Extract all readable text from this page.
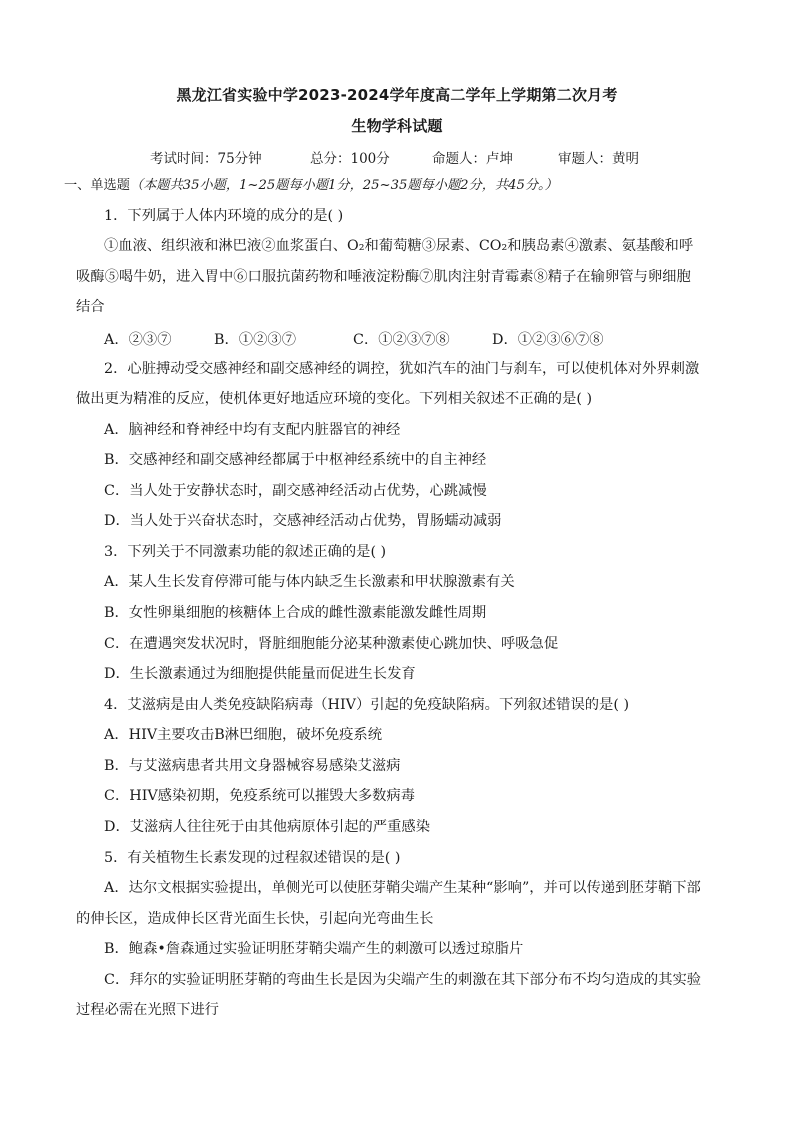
黑龙江省实验中学2023-2024学年度高二学年上学期第二次月考
生物学科试题
考试时间：75分钟	总分：100分	命题人：卢坤	审题人：黄明
一、单选题（本题共35小题，1~25题每小题1分，25~35题每小题2分，共45分。）
1．下列属于人体内环境的成分的是( )
①血液、组织液和淋巴液②血浆蛋白、O₂和葡萄糖③尿素、CO₂和胰岛素④激素、氨基酸和呼
吸酶⑤喝牛奶，进入胃中⑥口服抗菌药物和唾液淀粉酶⑦肌肉注射青霉素⑧精子在输卵管与卵细胞
结合
A．②③⑦	B．①②③⑦	C．①②③⑦⑧	D．①②③⑥⑦⑧
2．心脏搏动受交感神经和副交感神经的调控，犹如汽车的油门与刹车，可以使机体对外界刺激
做出更为精准的反应，使机体更好地适应环境的变化。下列相关叙述不正确的是( )
A．脑神经和脊神经中均有支配内脏器官的神经
B．交感神经和副交感神经都属于中枢神经系统中的自主神经
C．当人处于安静状态时，副交感神经活动占优势，心跳减慢
D．当人处于兴奋状态时，交感神经活动占优势，胃肠蠕动减弱
3．下列关于不同激素功能的叙述正确的是( )
A．某人生长发育停滞可能与体内缺乏生长激素和甲状腺激素有关
B．女性卵巢细胞的核糖体上合成的雌性激素能激发雌性周期
C．在遭遇突发状况时，肾脏细胞能分泌某种激素使心跳加快、呼吸急促
D．生长激素通过为细胞提供能量而促进生长发育
4．艾滋病是由人类免疫缺陷病毒（HIV）引起的免疫缺陷病。下列叙述错误的是( )
A．HIV主要攻击B淋巴细胞，破坏免疫系统
B．与艾滋病患者共用文身器械容易感染艾滋病
C．HIV感染初期，免疫系统可以摧毁大多数病毒
D．艾滋病人往往死于由其他病原体引起的严重感染
5．有关植物生长素发现的过程叙述错误的是( )
A．达尔文根据实验提出，单侧光可以使胚芽鞘尖端产生某种“影响”，并可以传递到胚芽鞘下部
的伸长区，造成伸长区背光面生长快，引起向光弯曲生长
B．鲍森•詹森通过实验证明胚芽鞘尖端产生的刺激可以透过琼脂片
C．拜尔的实验证明胚芽鞘的弯曲生长是因为尖端产生的刺激在其下部分布不均匀造成的其实验
过程必需在光照下进行
